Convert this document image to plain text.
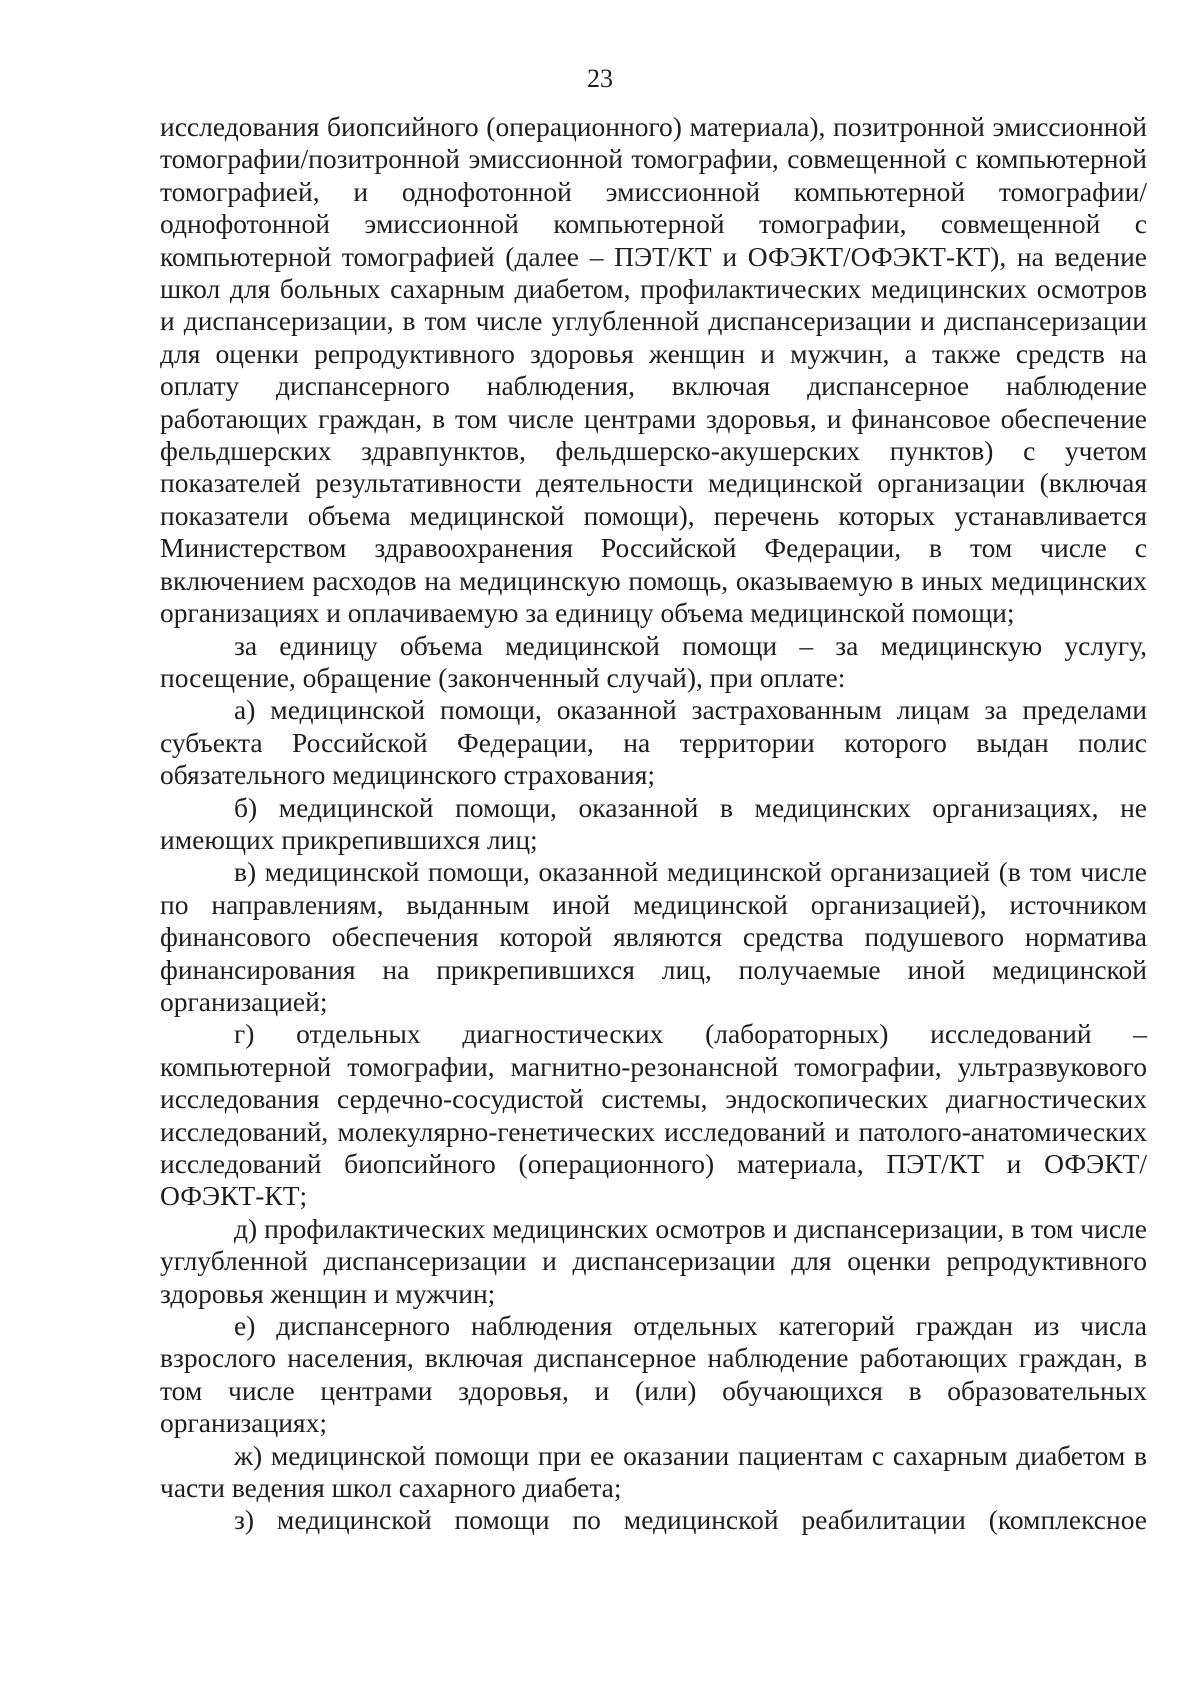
23

исследования биопсийного (операционного) материала), позитронной эмиссионной томографии/позитронной эмиссионной томографии, совмещенной с компьютерной томографией, и однофотонной эмиссионной компьютерной томографии/однофотонной эмиссионной компьютерной томографии, совмещенной с компьютерной томографией (далее – ПЭТ/КТ и ОФЭКТ/ОФЭКТ-КТ), на ведение школ для больных сахарным диабетом, профилактических медицинских осмотров и диспансеризации, в том числе углубленной диспансеризации и диспансеризации для оценки репродуктивного здоровья женщин и мужчин, а также средств на оплату диспансерного наблюдения, включая диспансерное наблюдение работающих граждан, в том числе центрами здоровья, и финансовое обеспечение фельдшерских здравпунктов, фельдшерско-акушерских пунктов) с учетом показателей результативности деятельности медицинской организации (включая показатели объема медицинской помощи), перечень которых устанавливается Министерством здравоохранения Российской Федерации, в том числе с включением расходов на медицинскую помощь, оказываемую в иных медицинских организациях и оплачиваемую за единицу объема медицинской помощи;

за единицу объема медицинской помощи – за медицинскую услугу, посещение, обращение (законченный случай), при оплате:

а) медицинской помощи, оказанной застрахованным лицам за пределами субъекта Российской Федерации, на территории которого выдан полис обязательного медицинского страхования;

б) медицинской помощи, оказанной в медицинских организациях, не имеющих прикрепившихся лиц;

в) медицинской помощи, оказанной медицинской организацией (в том числе по направлениям, выданным иной медицинской организацией), источником финансового обеспечения которой являются средства подушевого норматива финансирования на прикрепившихся лиц, получаемые иной медицинской организацией;

г) отдельных диагностических (лабораторных) исследований – компьютерной томографии, магнитно-резонансной томографии, ультразвукового исследования сердечно-сосудистой системы, эндоскопических диагностических исследований, молекулярно-генетических исследований и патолого-анатомических исследований биопсийного (операционного) материала, ПЭТ/КТ и ОФЭКТ/ОФЭКТ-КТ;

д) профилактических медицинских осмотров и диспансеризации, в том числе углубленной диспансеризации и диспансеризации для оценки репродуктивного здоровья женщин и мужчин;

е) диспансерного наблюдения отдельных категорий граждан из числа взрослого населения, включая диспансерное наблюдение работающих граждан, в том числе центрами здоровья, и (или) обучающихся в образовательных организациях;

ж) медицинской помощи при ее оказании пациентам с сахарным диабетом в части ведения школ сахарного диабета;

з) медицинской помощи по медицинской реабилитации (комплексное
